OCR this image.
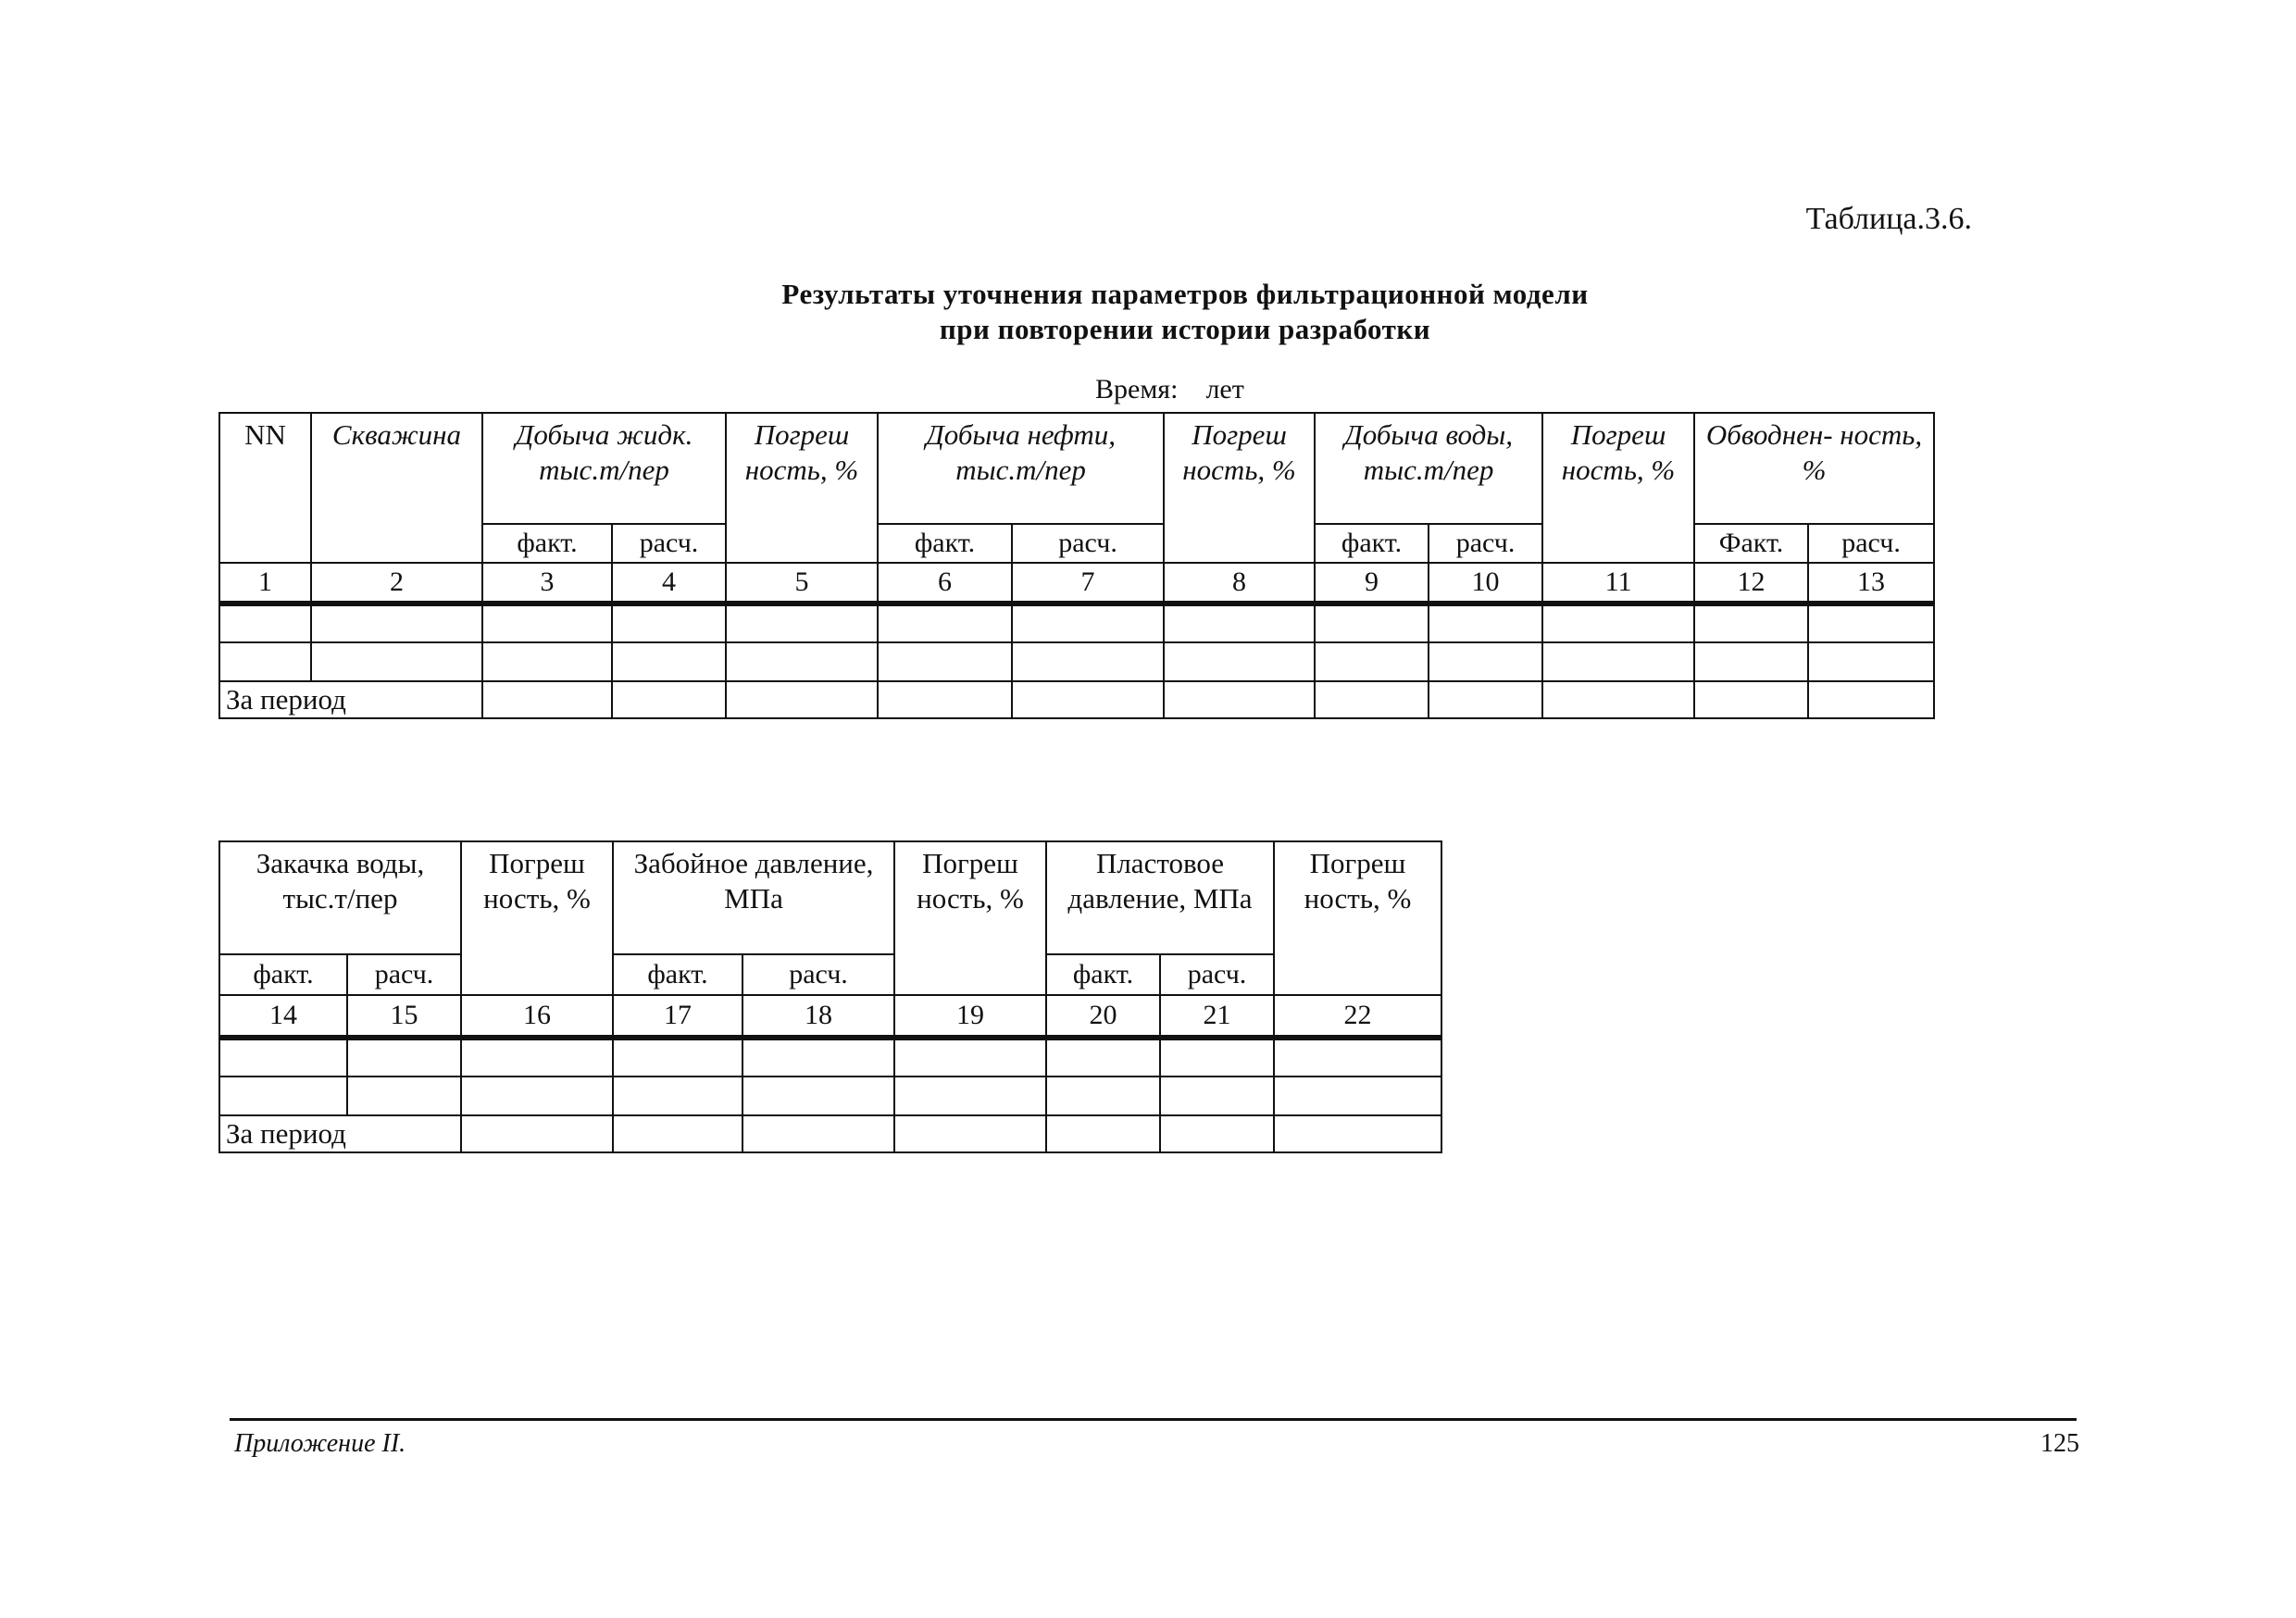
Таблица.3.6.
Результаты уточнения параметров фильтрационной модели
при повторении истории разработки
Время: лет
NN	Скважина	Добыча жидк. тыс.т/пер		Погреш ность, %	Добыча нефти, тыс.т/пер		Погреш ность, %	Добыча воды, тыс.т/пер		Погреш ность, %	Обводнен- ность, %	
		факт.	расч.		факт.	расч.		факт.	расч.		Факт.	расч.
1	2	3	4	5	6	7	8	9	10	11	12	13

За период												
Закачка воды, тыс.т/пер		Погреш ность, %	Забойное давление, МПа		Погреш ность, %	Пластовое давление, МПа		Погреш ность, %
факт.	расч.		факт.	расч.		факт.	расч.	
14	15	16	17	18	19	20	21	22

За период								
Приложение II.	125
